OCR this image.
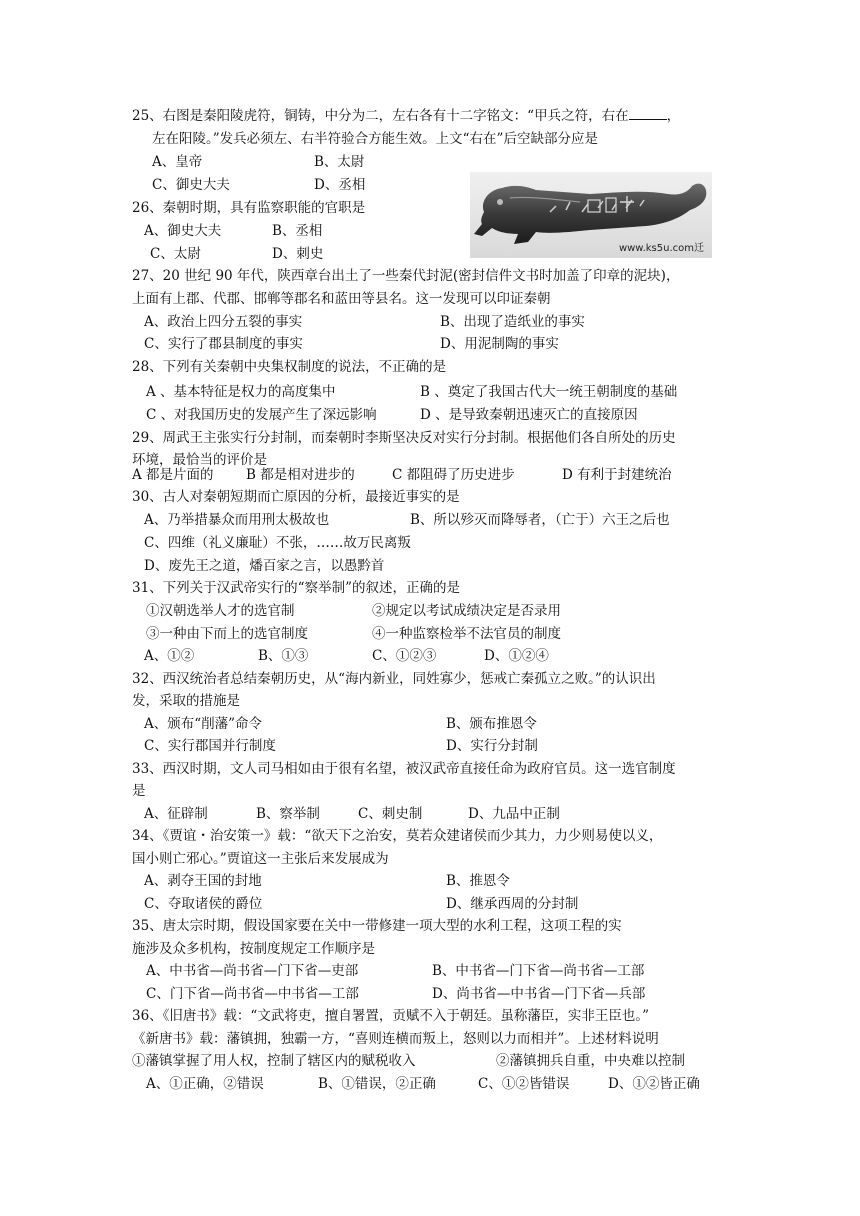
25、右图是秦阳陵虎符，铜铸，中分为二，左右各有十二字铭文：“甲兵之符，右在	，
左在阳陵。”发兵必须左、右半符验合方能生效。上文“右在”后空缺部分应是
A、皇帝	B、太尉
C、御史大夫	D、丞相
www.ks5u.com迁
26、秦朝时期，具有监察职能的官职是
A、御史大夫	B、丞相
C、太尉	D、刺史
27、20 世纪 90 年代，陕西章台出土了一些秦代封泥(密封信件文书时加盖了印章的泥块)，
上面有上郡、代郡、邯郸等郡名和蓝田等县名。这一发现可以印证秦朝
A、政治上四分五裂的事实	B、出现了造纸业的事实
C、实行了郡县制度的事实	D、用泥制陶的事实
28、下列有关秦朝中央集权制度的说法，不正确的是
A 、基本特征是权力的高度集中	B 、奠定了我国古代大一统王朝制度的基础
C 、对我国历史的发展产生了深远影响	D 、是导致秦朝迅速灭亡的直接原因
29、周武王主张实行分封制，而秦朝时李斯坚决反对实行分封制。根据他们各自所处的历史
环境，最恰当的评价是
A 都是片面的 B 都是相对进步的	C 都阻碍了历史进步	D 有利于封建统治
30、古人对秦朝短期而亡原因的分析，最接近事实的是
A、乃举措暴众而用刑太极故也	B、所以殄灭而降辱者，（亡于）六王之后也
C、四维（礼义廉耻）不张，……故万民离叛
D、废先王之道，燔百家之言，以愚黔首
31、下列关于汉武帝实行的“察举制”的叙述，正确的是
①汉朝选举人才的选官制	②规定以考试成绩决定是否录用
③一种由下而上的选官制度	④一种监察检举不法官员的制度
A、①②	B、①③	C、①②③	D、①②④
32、西汉统治者总结秦朝历史，从“海内新业，同姓寡少，惩戒亡秦孤立之败。”的认识出
发，采取的措施是
A、颁布“削藩”命令	B、颁布推恩令
C、实行郡国并行制度	D、实行分封制
33、西汉时期，文人司马相如由于很有名望，被汉武帝直接任命为政府官员。这一选官制度
是
A、征辟制	B、察举制	C、刺史制	D、九品中正制
34、《贾谊・治安策一》载：“欲天下之治安，莫若众建诸侯而少其力，力少则易使以义，
国小则亡邪心。”贾谊这一主张后来发展成为
A、剥夺王国的封地	B、推恩令
C、夺取诸侯的爵位	D、继承西周的分封制
35、唐太宗时期，假设国家要在关中一带修建一项大型的水利工程，这项工程的实
施涉及众多机构，按制度规定工作顺序是
A、中书省—尚书省—门下省—吏部	B、中书省—门下省—尚书省—工部
C、门下省—尚书省—中书省—工部	D、尚书省—中书省—门下省—兵部
36、《旧唐书》载：“文武将吏，擅自署置，贡赋不入于朝廷。虽称藩臣，实非王臣也。”
《新唐书》载：藩镇拥，独霸一方，“喜则连横而叛上，怒则以力而相并”。上述材料说明
①藩镇掌握了用人权，控制了辖区内的赋税收入	②藩镇拥兵自重，中央难以控制
A、①正确，②错误	B、①错误，②正确	C、①②皆错误	D、①②皆正确
